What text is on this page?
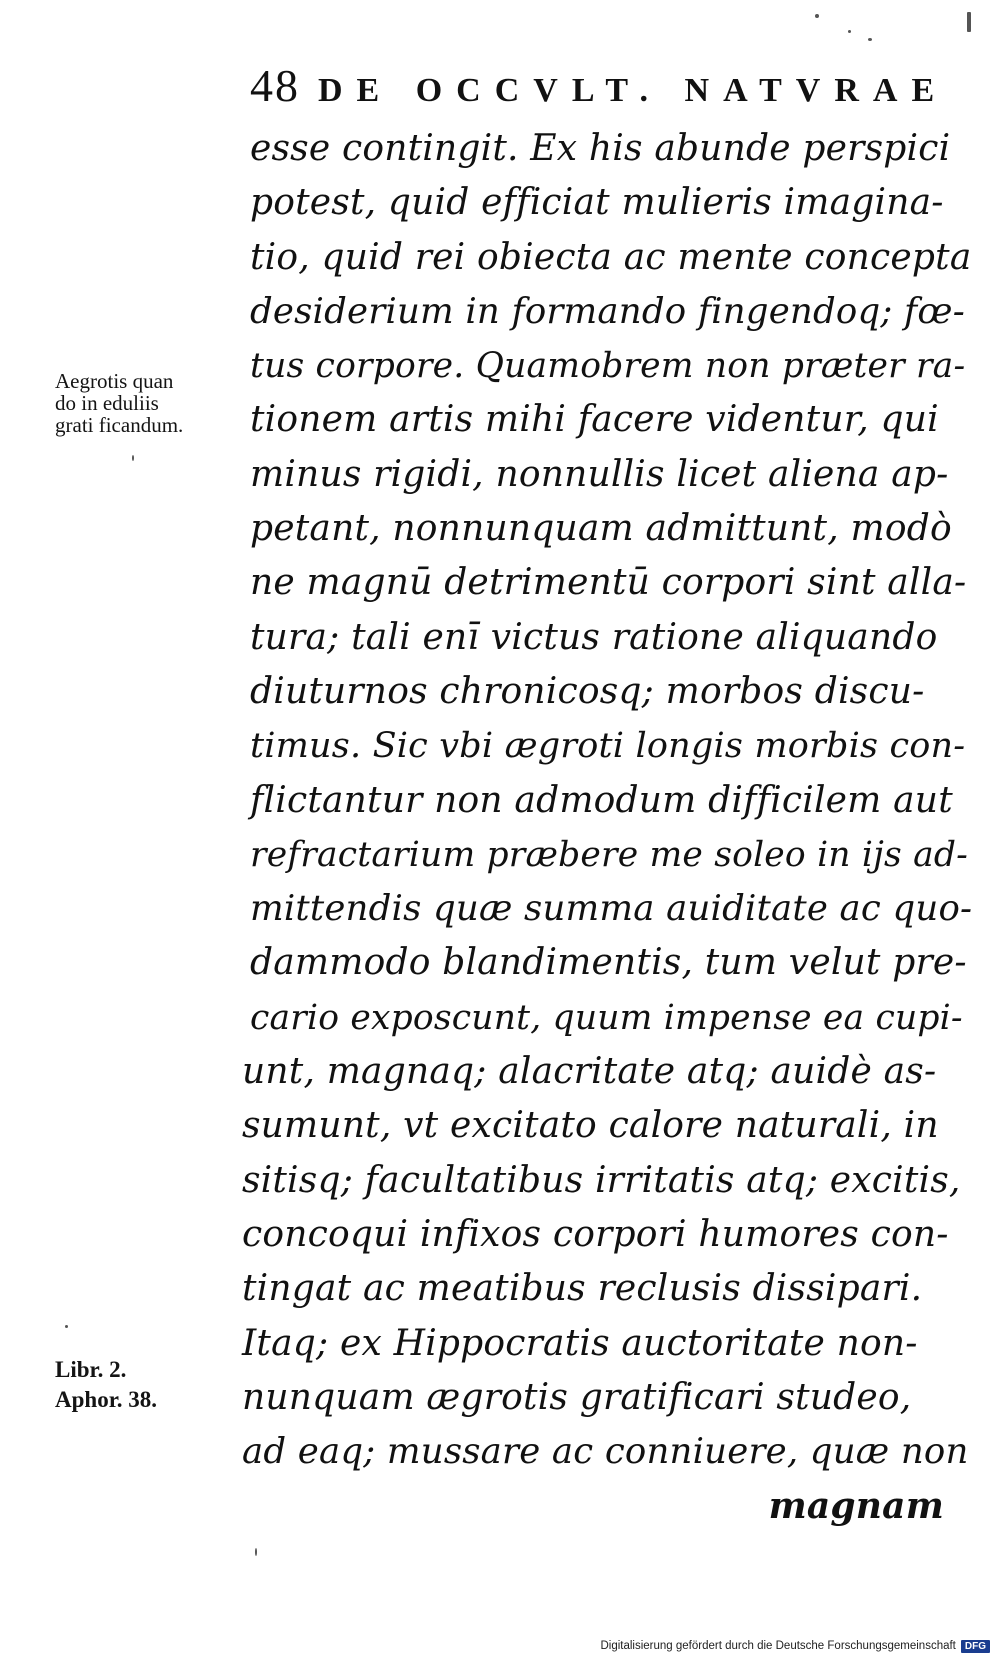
48 DE OCCVLT. NATVRAE
Aegrotis quan
do in eduliis
grati ficandum.
Libr. 2.
Aphor. 38.
esse contingit. Ex his abunde perspici
potest, quid efficiat mulieris imagina-
tio, quid rei obiecta ac mente concepta
desiderium in formando fingendoq; fœ-
tus corpore. Quamobrem non præter ra-
tionem artis mihi facere videntur, qui
minus rigidi, nonnullis licet aliena ap-
petant, nonnunquam admittunt, modò
ne magnū detrimentū corpori sint alla-
tura; tali enī victus ratione aliquando
diuturnos chronicosq; morbos discu-
timus. Sic vbi ægroti longis morbis con-
flictantur non admodum difficilem aut
refractarium præbere me soleo in ijs ad-
mittendis quæ summa auiditate ac quo-
dammodo blandimentis, tum velut pre-
cario exposcunt, quum impense ea cupi-
unt, magnaq; alacritate atq; auidè as-
sumunt, vt excitato calore naturali, in
sitisq; facultatibus irritatis atq; excitis,
concoqui infixos corpori humores con-
tingat ac meatibus reclusis dissipari.
Itaq; ex Hippocratis auctoritate non-
nunquam ægrotis gratificari studeo,
ad eaq; mussare ac conniuere, quæ non
magnam
Digitalisierung gefördert durch die Deutsche Forschungsgemeinschaft DFG
